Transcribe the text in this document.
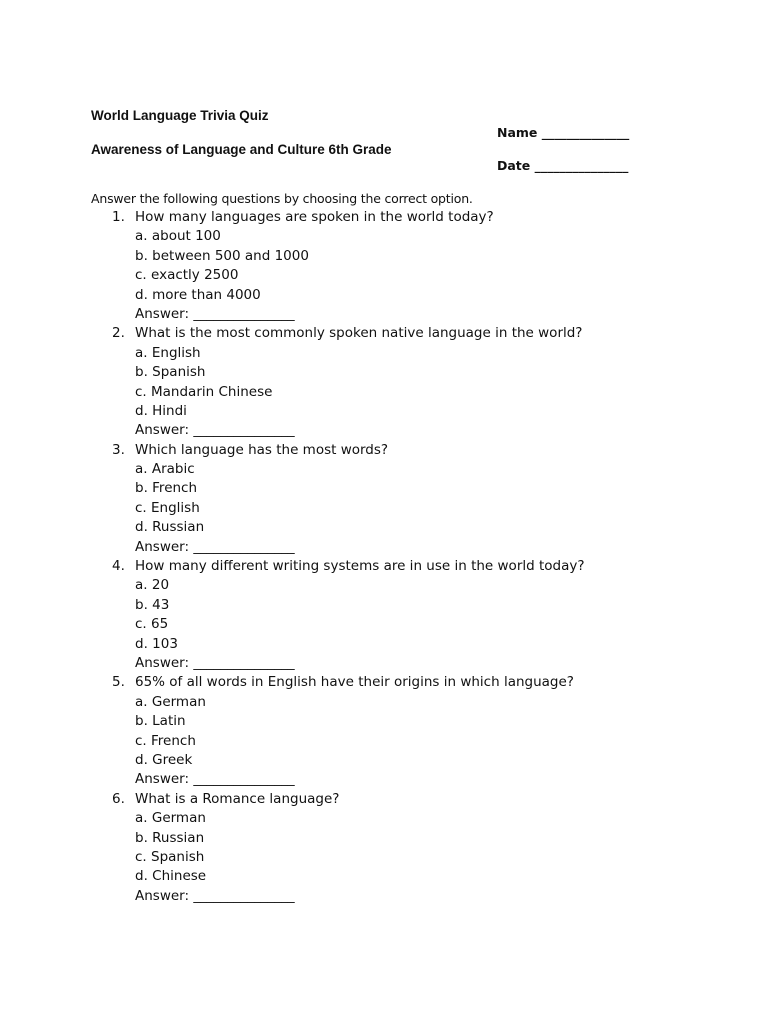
World Language Trivia Quiz
Awareness of Language and Culture 6th Grade
Name ______________
Date _______________
Answer the following questions by choosing the correct option.
1. How many languages are spoken in the world today?
a. about 100
b. between 500 and 1000
c. exactly 2500
d. more than 4000
Answer: _______________
2. What is the most commonly spoken native language in the world?
a. English
b. Spanish
c. Mandarin Chinese
d. Hindi
Answer: _______________
3. Which language has the most words?
a. Arabic
b. French
c. English
d. Russian
Answer: _______________
4. How many different writing systems are in use in the world today?
a. 20
b. 43
c. 65
d. 103
Answer: _______________
5. 65% of all words in English have their origins in which language?
a. German
b. Latin
c. French
d. Greek
Answer: _______________
6. What is a Romance language?
a. German
b. Russian
c. Spanish
d. Chinese
Answer: _______________
